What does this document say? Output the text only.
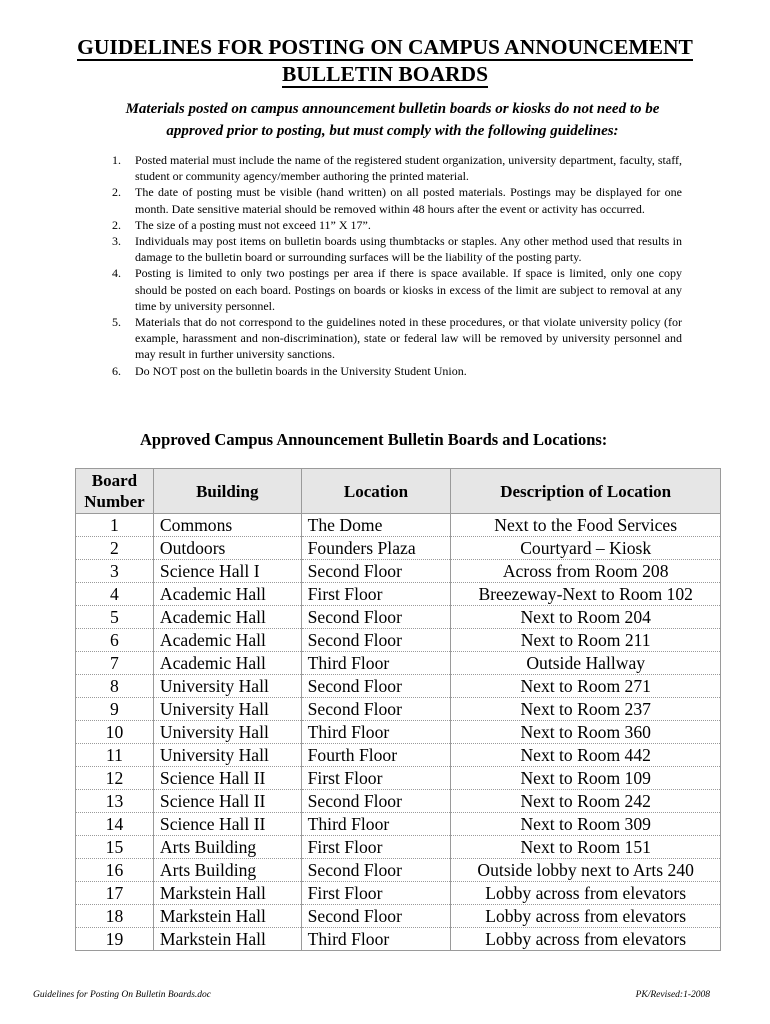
GUIDELINES FOR POSTING ON CAMPUS ANNOUNCEMENT
BULLETIN BOARDS
Materials posted on campus announcement bulletin boards or kiosks do not need to be approved prior to posting, but must comply with the following guidelines:
1. Posted material must include the name of the registered student organization, university department, faculty, staff, student or community agency/member authoring the printed material.
2. The date of posting must be visible (hand written) on all posted materials. Postings may be displayed for one month. Date sensitive material should be removed within 48 hours after the event or activity has occurred.
2. The size of a posting must not exceed 11” X 17”.
3. Individuals may post items on bulletin boards using thumbtacks or staples. Any other method used that results in damage to the bulletin board or surrounding surfaces will be the liability of the posting party.
4. Posting is limited to only two postings per area if there is space available. If space is limited, only one copy should be posted on each board. Postings on boards or kiosks in excess of the limit are subject to removal at any time by university personnel.
5. Materials that do not correspond to the guidelines noted in these procedures, or that violate university policy (for example, harassment and non-discrimination), state or federal law will be removed by university personnel and may result in further university sanctions.
6. Do NOT post on the bulletin boards in the University Student Union.
Approved Campus Announcement Bulletin Boards and Locations:
Board Number	Building	Location	Description of Location
1	Commons	The Dome	Next to the Food Services
2	Outdoors	Founders Plaza	Courtyard – Kiosk
3	Science Hall I	Second Floor	Across from Room 208
4	Academic Hall	First Floor	Breezeway-Next to Room 102
5	Academic Hall	Second Floor	Next to Room 204
6	Academic Hall	Second Floor	Next to Room 211
7	Academic Hall	Third Floor	Outside Hallway
8	University Hall	Second Floor	Next to Room 271
9	University Hall	Second Floor	Next to Room 237
10	University Hall	Third Floor	Next to Room 360
11	University Hall	Fourth Floor	Next to Room 442
12	Science Hall II	First Floor	Next to Room 109
13	Science Hall II	Second Floor	Next to Room 242
14	Science Hall II	Third Floor	Next to Room 309
15	Arts Building	First Floor	Next to Room 151
16	Arts Building	Second Floor	Outside lobby next to Arts 240
17	Markstein Hall	First Floor	Lobby across from elevators
18	Markstein Hall	Second Floor	Lobby across from elevators
19	Markstein Hall	Third Floor	Lobby across from elevators
Guidelines for Posting On Bulletin Boards.doc	PK/Revised:1-2008
